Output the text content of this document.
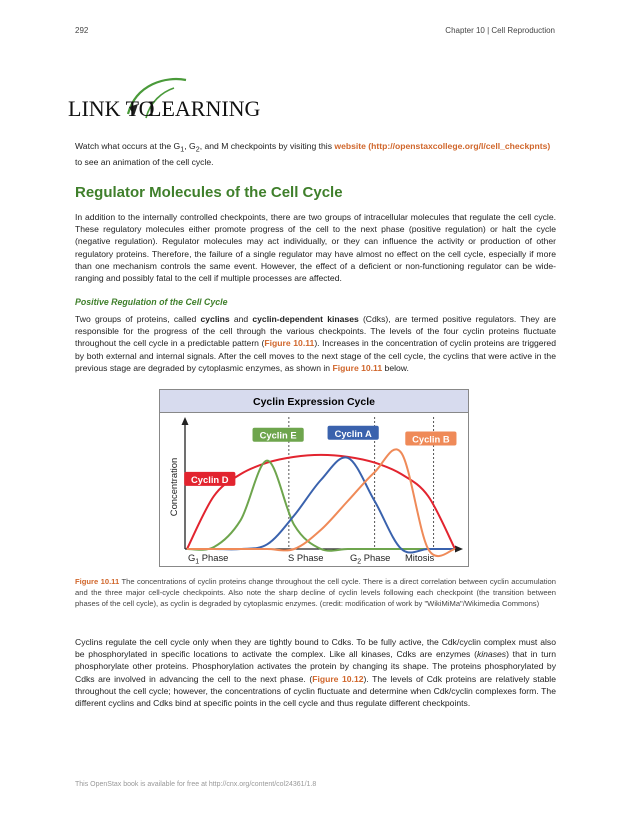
292	Chapter 10 | Cell Reproduction
LINK TO
LEARNING

Watch what occurs at the $G_1$, $G_2$, and M checkpoints by visiting this website (http://openstaxcollege.org/l/cell_checkpnts) to see an animation of the cell cycle.

Regulator Molecules of the Cell Cycle

In addition to the internally controlled checkpoints, there are two groups of intracellular molecules that regulate the cell cycle. These regulatory molecules either promote progress of the cell to the next phase (positive regulation) or halt the cycle (negative regulation). Regulator molecules may act individually, or they can influence the activity or production of other regulatory proteins. Therefore, the failure of a single regulator may have almost no effect on the cell cycle, especially if more than one mechanism controls the same event. However, the effect of a deficient or non-functioning regulator can be wide-ranging and possibly fatal to the cell if multiple processes are affected.

Positive Regulation of the Cell Cycle

Two groups of proteins, called cyclins and cyclin-dependent kinases (Cdks), are termed positive regulators. They are responsible for the progress of the cell through the various checkpoints. The levels of the four cyclin proteins fluctuate throughout the cell cycle in a predictable pattern (Figure 10.11). Increases in the concentration of cyclin proteins are triggered by both external and internal signals. After the cell moves to the next stage of the cell cycle, the cyclins that were active in the previous stage are degraded by cytoplasmic enzymes, as shown in Figure 10.11 below.

Cyclin Expression Cycle
Concentration Cyclin D
Cyclin E	Cyclin A
Cyclin B
$G_1$ Phase	S Phase	$G_2$ Phase Mitosis

Figure 10.11 The concentrations of cyclin proteins change throughout the cell cycle. There is a direct correlation between cyclin accumulation and the three major cell-cycle checkpoints. Also note the sharp decline of cyclin levels following each checkpoint (the transition between phases of the cell cycle), as cyclin is degraded by cytoplasmic enzymes. (credit: modification of work by "WikiMiMa"/Wikimedia Commons)

Cyclins regulate the cell cycle only when they are tightly bound to Cdks. To be fully active, the Cdk/cyclin complex must also be phosphorylated in specific locations to activate the complex. Like all kinases, Cdks are enzymes (kinases) that in turn phosphorylate other proteins. Phosphorylation activates the protein by changing its shape. The proteins phosphorylated by Cdks are involved in advancing the cell to the next phase. (Figure 10.12). The levels of Cdk proteins are relatively stable throughout the cell cycle; however, the concentrations of cyclin fluctuate and determine when Cdk/cyclin complexes form. The different cyclins and Cdks bind at specific points in the cell cycle and thus regulate different checkpoints.

This OpenStax book is available for free at http://cnx.org/content/col24361/1.8
